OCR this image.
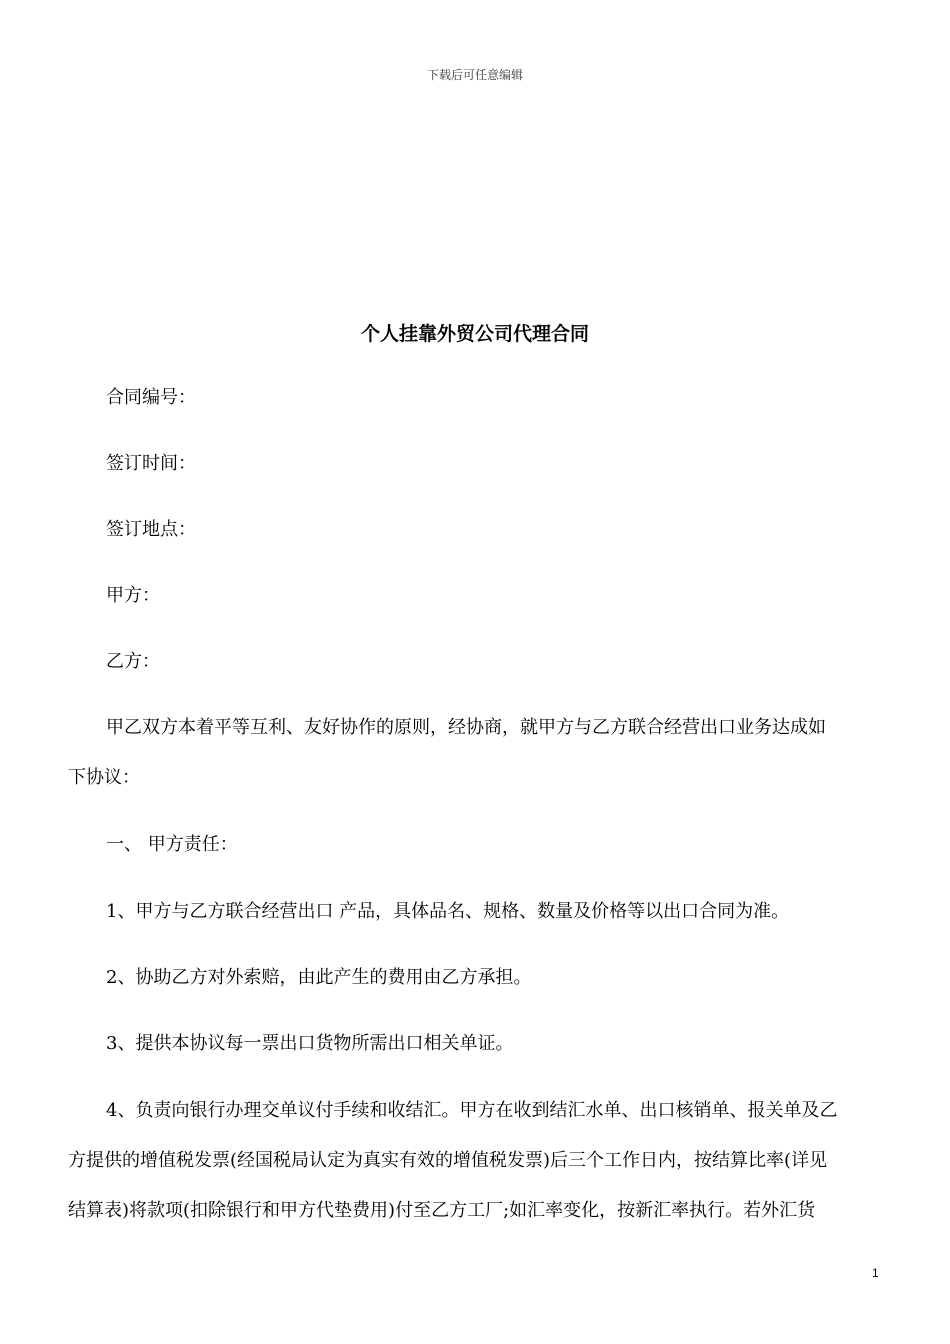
下载后可任意编辑
个人挂靠外贸公司代理合同

合同编号：

签订时间：

签订地点：

甲方：

乙方：

甲乙双方本着平等互利、友好协作的原则，经协商，就甲方与乙方联合经营出口业务达成如

下协议：

一、 甲方责任：

1、甲方与乙方联合经营出口 产品，具体品名、规格、数量及价格等以出口合同为准。

2、协助乙方对外索赔，由此产生的费用由乙方承担。

3、提供本协议每一票出口货物所需出口相关单证。

4、负责向银行办理交单议付手续和收结汇。甲方在收到结汇水单、出口核销单、报关单及乙

方提供的增值税发票(经国税局认定为真实有效的增值税发票)后三个工作日内，按结算比率(详见

结算表)将款项(扣除银行和甲方代垫费用)付至乙方工厂;如汇率变化，按新汇率执行。若外汇货

1
